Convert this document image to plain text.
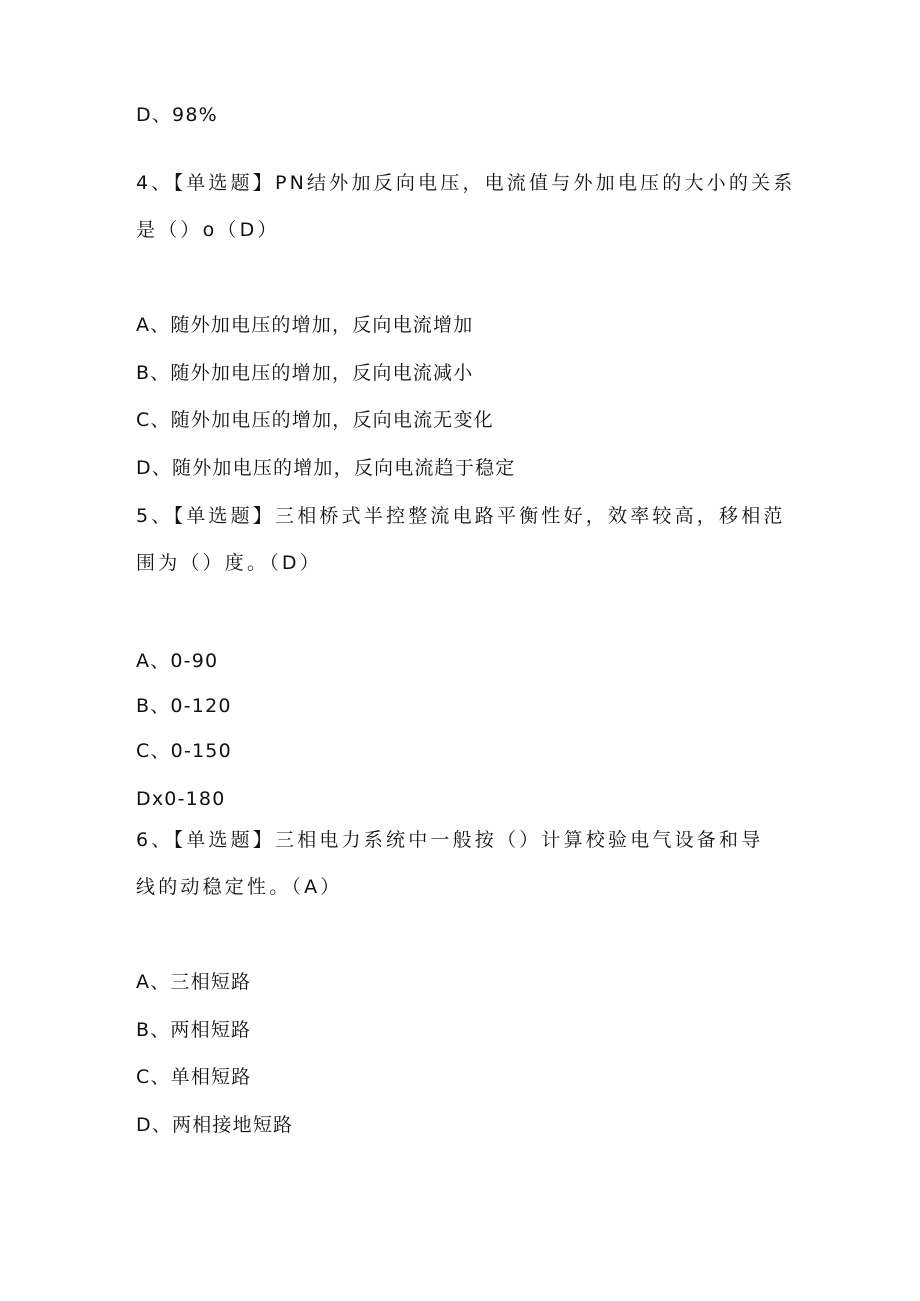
D、98%
4、【单选题】PN结外加反向电压，电流值与外加电压的大小的关系
是（）o（D）
A、随外加电压的增加，反向电流增加
B、随外加电压的增加，反向电流减小
C、随外加电压的增加，反向电流无变化
D、随外加电压的增加，反向电流趋于稳定
5、【单选题】三相桥式半控整流电路平衡性好，效率较高，移相范
围为（）度。（D）
A、0-90
B、0-120
C、0-150
Dx0-180
6、【单选题】三相电力系统中一般按（）计算校验电气设备和导
线的动稳定性。（A）
A、三相短路
B、两相短路
C、单相短路
D、两相接地短路
